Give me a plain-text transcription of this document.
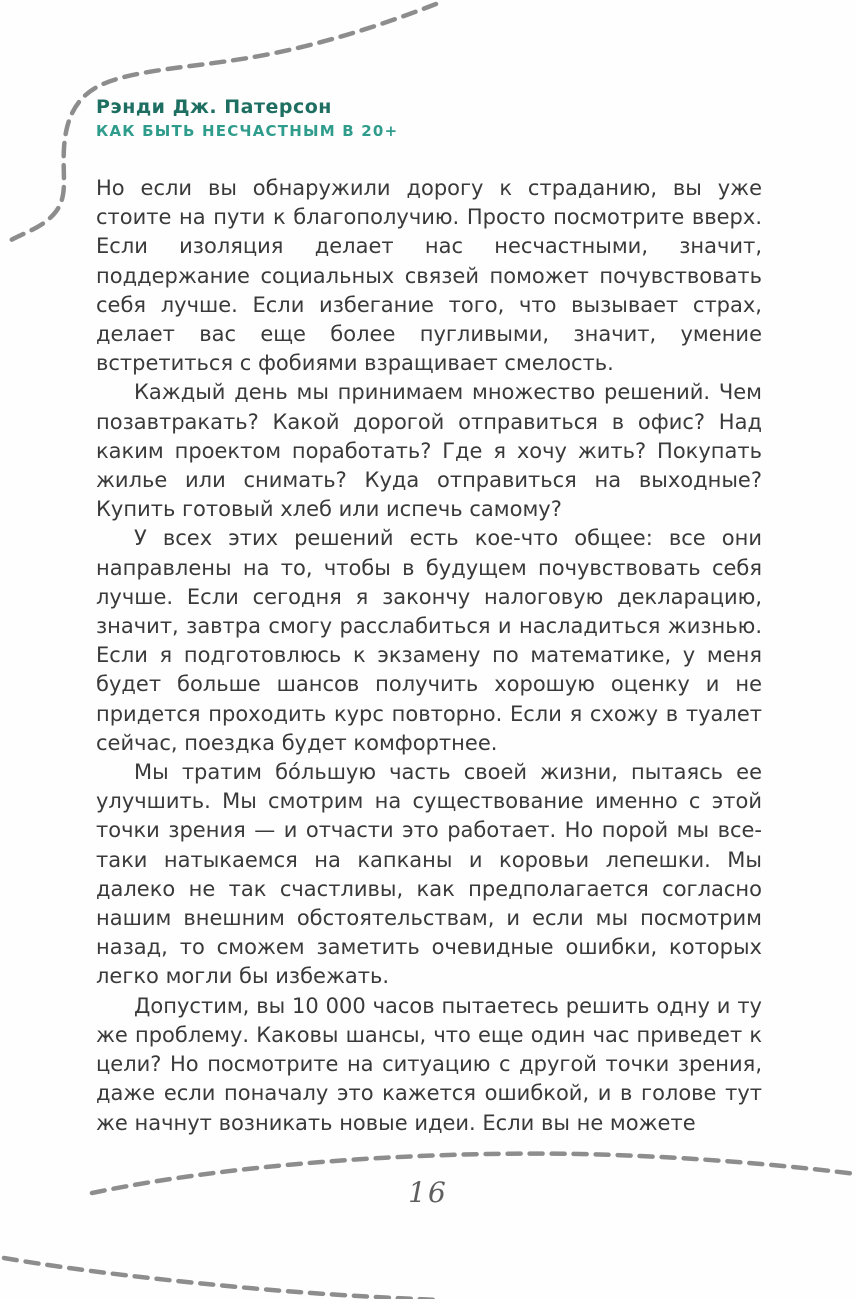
Рэнди Дж. Патерсон

КАК БЫТЬ НЕСЧАСТНЫМ В 20+

Но если вы обнаружили дорогу к страданию, вы уже стоите на пути к благополучию. Просто посмотрите вверх. Если изоляция делает нас несчастными, значит, поддержание социальных связей поможет почувствовать себя лучше. Если избегание того, что вызывает страх, делает вас еще более пугливыми, значит, умение встретиться с фобиями взращивает смелость.

Каждый день мы принимаем множество решений. Чем позавтракать? Какой дорогой отправиться в офис? Над каким проектом поработать? Где я хочу жить? Покупать жилье или снимать? Куда отправиться на выходные? Купить готовый хлеб или испечь самому?

У всех этих решений есть кое-что общее: все они направлены на то, чтобы в будущем почувствовать себя лучше. Если сегодня я закончу налоговую декларацию, значит, завтра смогу расслабиться и насладиться жизнью. Если я подготовлюсь к экзамену по математике, у меня будет больше шансов получить хорошую оценку и не придется проходить курс повторно. Если я схожу в туалет сейчас, поездка будет комфортнее.

Мы тратим бо́льшую часть своей жизни, пытаясь ее улучшить. Мы смотрим на существование именно с этой точки зрения — и отчасти это работает. Но порой мы все-таки натыкаемся на капканы и коровьи лепешки. Мы далеко не так счастливы, как предполагается согласно нашим внешним обстоятельствам, и если мы посмотрим назад, то сможем заметить очевидные ошибки, которых легко могли бы избежать.

Допустим, вы 10 000 часов пытаетесь решить одну и ту же проблему. Каковы шансы, что еще один час приведет к цели? Но посмотрите на ситуацию с другой точки зрения, даже если поначалу это кажется ошибкой, и в голове тут же начнут возникать новые идеи. Если вы не можете

16
